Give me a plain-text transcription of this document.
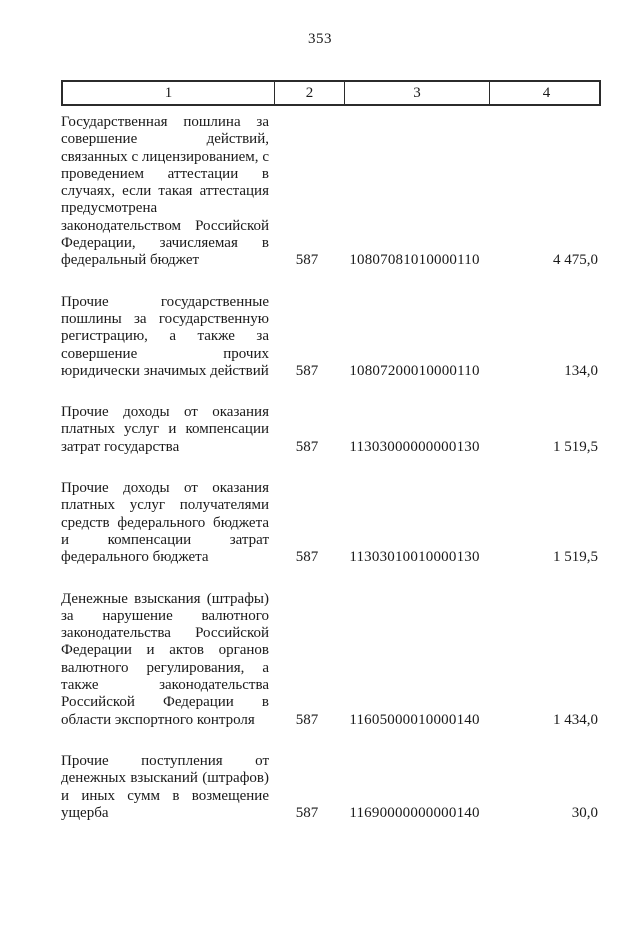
353
1	2	3	4
Государственная пошлина за совершение действий, связанных с лицензированием, с проведением аттестации в случаях, если такая аттестация предусмотрена законодательством Российской Федерации, зачисляемая в федеральный бюджет	587	10807081010000110	4 475,0
Прочие государственные пошлины за государственную регистрацию, а также за совершение прочих юридически значимых действий	587	10807200010000110	134,0
Прочие доходы от оказания платных услуг и компенсации затрат государства	587	11303000000000130	1 519,5
Прочие доходы от оказания платных услуг получателями средств федерального бюджета и компенсации затрат федерального бюджета	587	11303010010000130	1 519,5
Денежные взыскания (штрафы) за нарушение валютного законодательства Российской Федерации и актов органов валютного регулирования, а также законодательства Российской Федерации в области экспортного контроля	587	11605000010000140	1 434,0
Прочие поступления от денежных взысканий (штрафов) и иных сумм в возмещение ущерба	587	11690000000000140	30,0
